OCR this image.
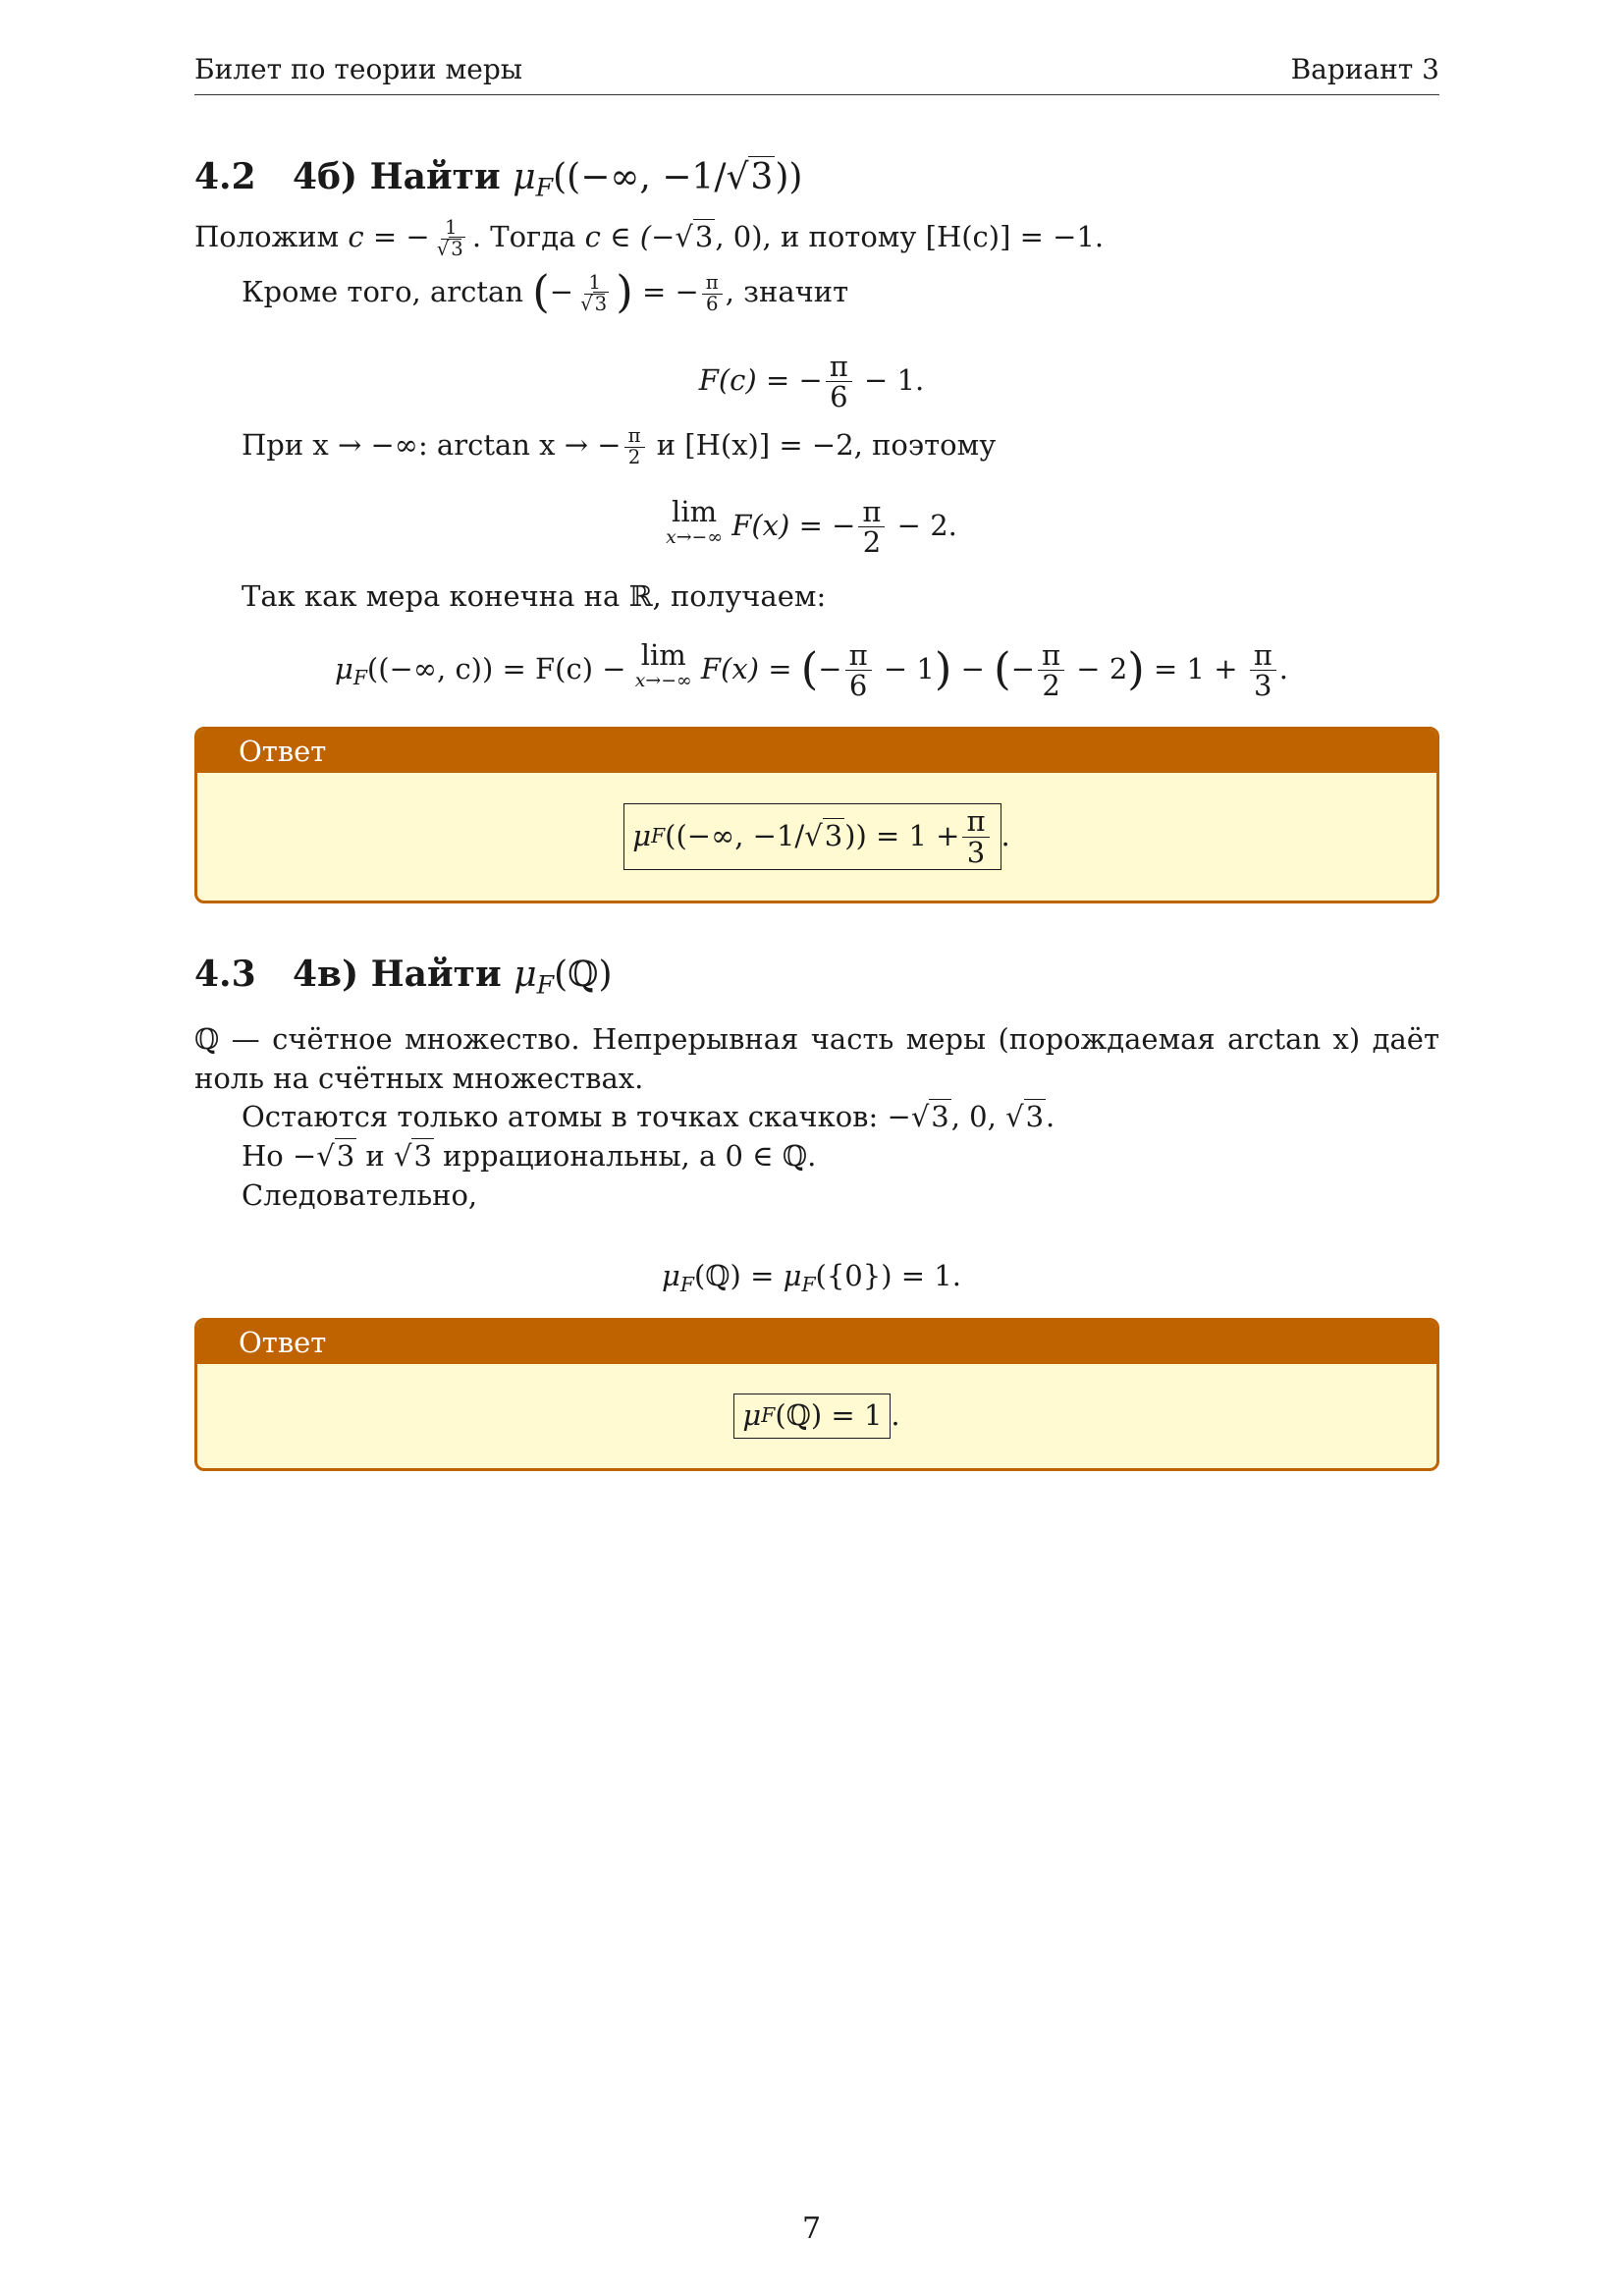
Билет по теории меры	Вариант 3
4.2 4б) Найти $\mu_F((-\infty$, −1/√3))
Положим c = − $\frac{1}{√ 3}$ . Тогда c ∈ (−√3, 0), и потому [H(c)] = −1.
Кроме того, arctan (− $\frac{1}{√ 3}$ ) = − $\frac{\pi}{6}$ , значит
F(c) = − $\frac{\pi}{6} - 1$.
При x → −∞: arctan x → − $\frac{\pi}{2}$ и [H(x)] = −2, поэтому
lim
x→−∞ F(x) = − $\frac{\pi}{2} - 2$.
Так как мера конечна на ℝ, получаем:
$\mu_F((-\infty$, c)) = F(c) − lim
x→−∞ F(x) = (− $\frac{\pi}{6} - 1$) − (− $\frac{\pi}{2} - 2) = 1 + \frac{\pi}{3}$ .
Ответ
μ F ((−∞, −1/ √3 )) = $1 + \frac{\pi}{3}$ .
4.3 4в) Найти $\mu_F(ℚ)$
ℚ — счётное множество. Непрерывная часть меры (порождаемая arctan x) даёт ноль на счётных множествах.
Остаются только атомы в точках скачков: −√3, 0, √3.
Но −√3 и √3 иррациональны, а 0 ∈ ℚ.
Следовательно,
$\mu_F(ℚ) = \mu_F(\{0\}) = 1$.
Ответ
μ F (ℚ) = 1 .
7
